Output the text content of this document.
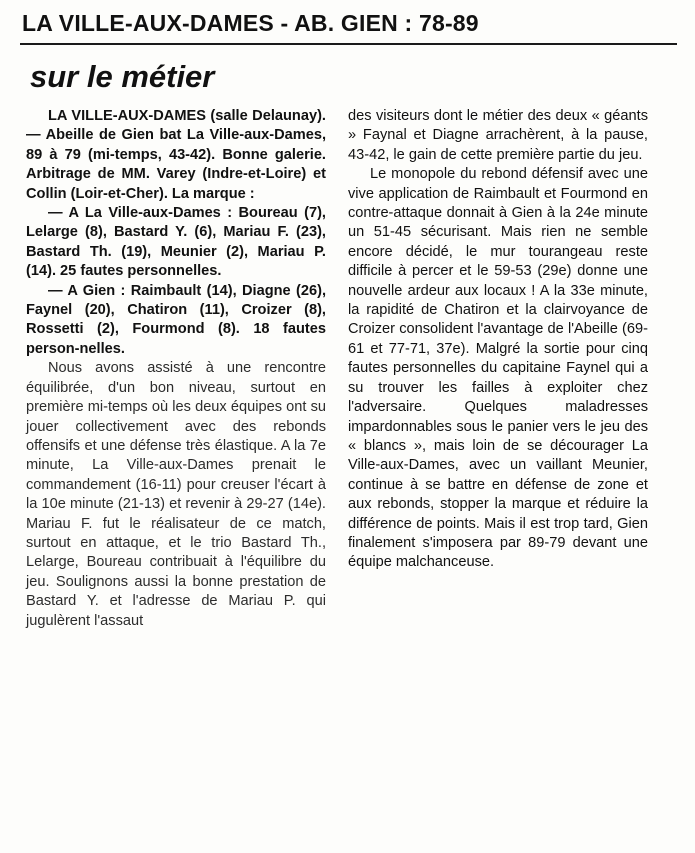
LA VILLE-AUX-DAMES - AB. GIEN : 78-89
sur le métier

LA VILLE-AUX-DAMES (salle Delaunay). — Abeille de Gien bat La Ville-aux-Dames, 89 à 79 (mi-temps, 43-42). Bonne galerie. Arbitrage de MM. Varey (Indre-et-Loire) et Collin (Loir-et-Cher). La marque :

— A La Ville-aux-Dames : Boureau (7), Lelarge (8), Bastard Y. (6), Mariau F. (23), Bastard Th. (19), Meunier (2), Mariau P. (14). 25 fautes personnelles.

— A Gien : Raimbault (14), Diagne (26), Faynel (20), Chatiron (11), Croizer (8), Rossetti (2), Fourmond (8). 18 fautes person-nelles.

Nous avons assisté à une rencontre équilibrée, d'un bon niveau, surtout en première mi-temps où les deux équipes ont su jouer collectivement avec des rebonds offensifs et une défense très élastique. A la 7e minute, La Ville-aux-Dames prenait le commandement (16-11) pour creuser l'écart à la 10e minute (21-13) et revenir à 29-27 (14e). Mariau F. fut le réalisateur de ce match, surtout en attaque, et le trio Bastard Th., Lelarge, Boureau contribuait à l'équilibre du jeu. Soulignons aussi la bonne prestation de Bastard Y. et l'adresse de Mariau P. qui jugulèrent l'assaut

des visiteurs dont le métier des deux « géants » Faynal et Diagne arrachèrent, à la pause, 43-42, le gain de cette première partie du jeu.

Le monopole du rebond défensif avec une vive application de Raimbault et Fourmond en contre-attaque donnait à Gien à la 24e minute un 51-45 sécurisant. Mais rien ne semble encore décidé, le mur tourangeau reste difficile à percer et le 59-53 (29e) donne une nouvelle ardeur aux locaux ! A la 33e minute, la rapidité de Chatiron et la clairvoyance de Croizer consolident l'avantage de l'Abeille (69-61 et 77-71, 37e). Malgré la sortie pour cinq fautes personnelles du capitaine Faynel qui a su trouver les failles à exploiter chez l'adversaire. Quelques maladresses impardonnables sous le panier vers le jeu des « blancs », mais loin de se décourager La Ville-aux-Dames, avec un vaillant Meunier, continue à se battre en défense de zone et aux rebonds, stopper la marque et réduire la différence de points. Mais il est trop tard, Gien finalement s'imposera par 89-79 devant une équipe malchanceuse.
